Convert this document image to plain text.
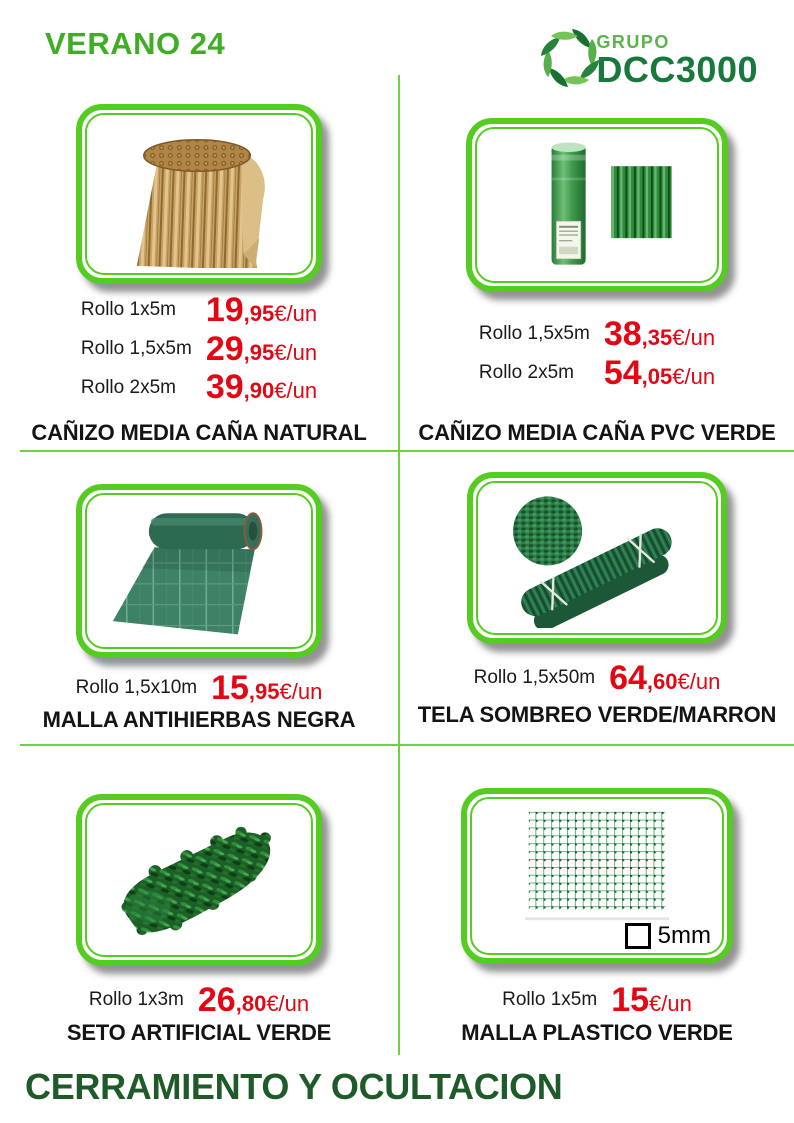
VERANO 24	GRUPO
DCC3000
Rollo 1x5m 19,95€/un
Rollo 1,5x5m 29,95€/un
Rollo 2x5m 39,90€/un
CAÑIZO MEDIA CAÑA NATURAL
Rollo 1,5x5m 38,35€/un
Rollo 2x5m 54,05€/un
CAÑIZO MEDIA CAÑA PVC VERDE
Rollo 1,5x10m 15,95€/un
MALLA ANTIHIERBAS NEGRA
Rollo 1,5x50m 64,60€/un
TELA SOMBREO VERDE/MARRON
Rollo 1x3m 26,80€/un
SETO ARTIFICIAL VERDE
5mm
Rollo 1x5m 15€/un
MALLA PLASTICO VERDE
CERRAMIENTO Y OCULTACION
